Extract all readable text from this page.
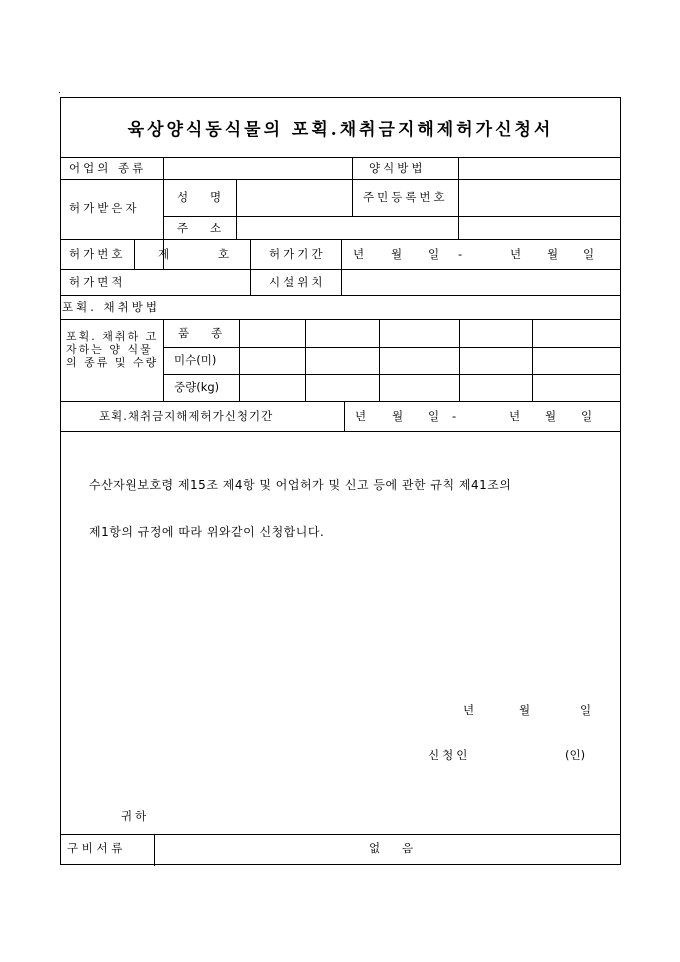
육상양식동식물의 포획.채취금지해제허가신청서
어업의 종류	양식방법
허가받은자
성      명	주민등록번호
주      소
허가번호	제	호	허가기간 년 월 일 -	년 월 일
허가면적	시설위치
포획. 채취방법
포획. 채취하 고자하는 양 식물의 종류 및 수량
품      종
미수(미)
중량(kg)
포획.채취금지해제허가신청기간	년 월 일 -	년 월 일
수산자원보호령 제15조 제4항 및 어업허가 및 신고 등에 관한 규칙 제41조의
제1항의 규정에 따라 위와같이 신청합니다.
년	월	일
신청인	(인)
귀하
구 비 서 류	없      음
